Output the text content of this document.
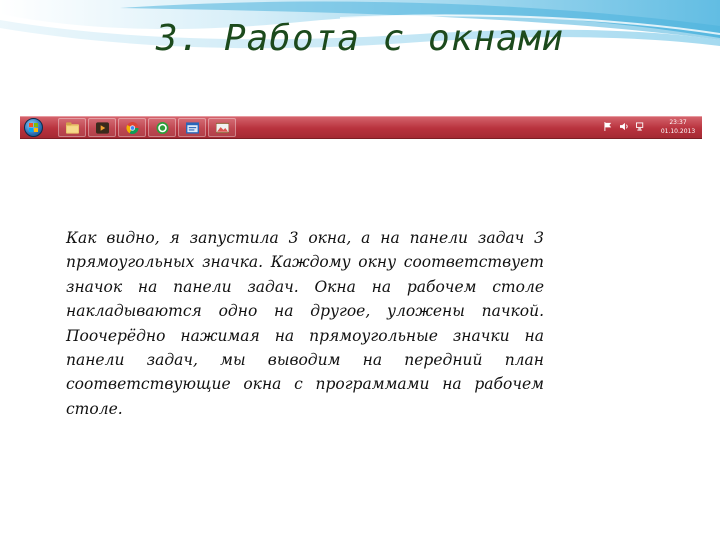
3. Работа с окнами
23:37
01.10.2013

Как видно, я запустила 3 окна, а на панели задач 3 прямоугольных значка. Каждому окну соответствует значок на панели задач. Окна на рабочем столе накладываются одно на другое, уложены пачкой. Поочерёдно нажимая на прямоугольные значки на панели задач, мы выводим на передний план соответствующие окна с программами на рабочем столе.
